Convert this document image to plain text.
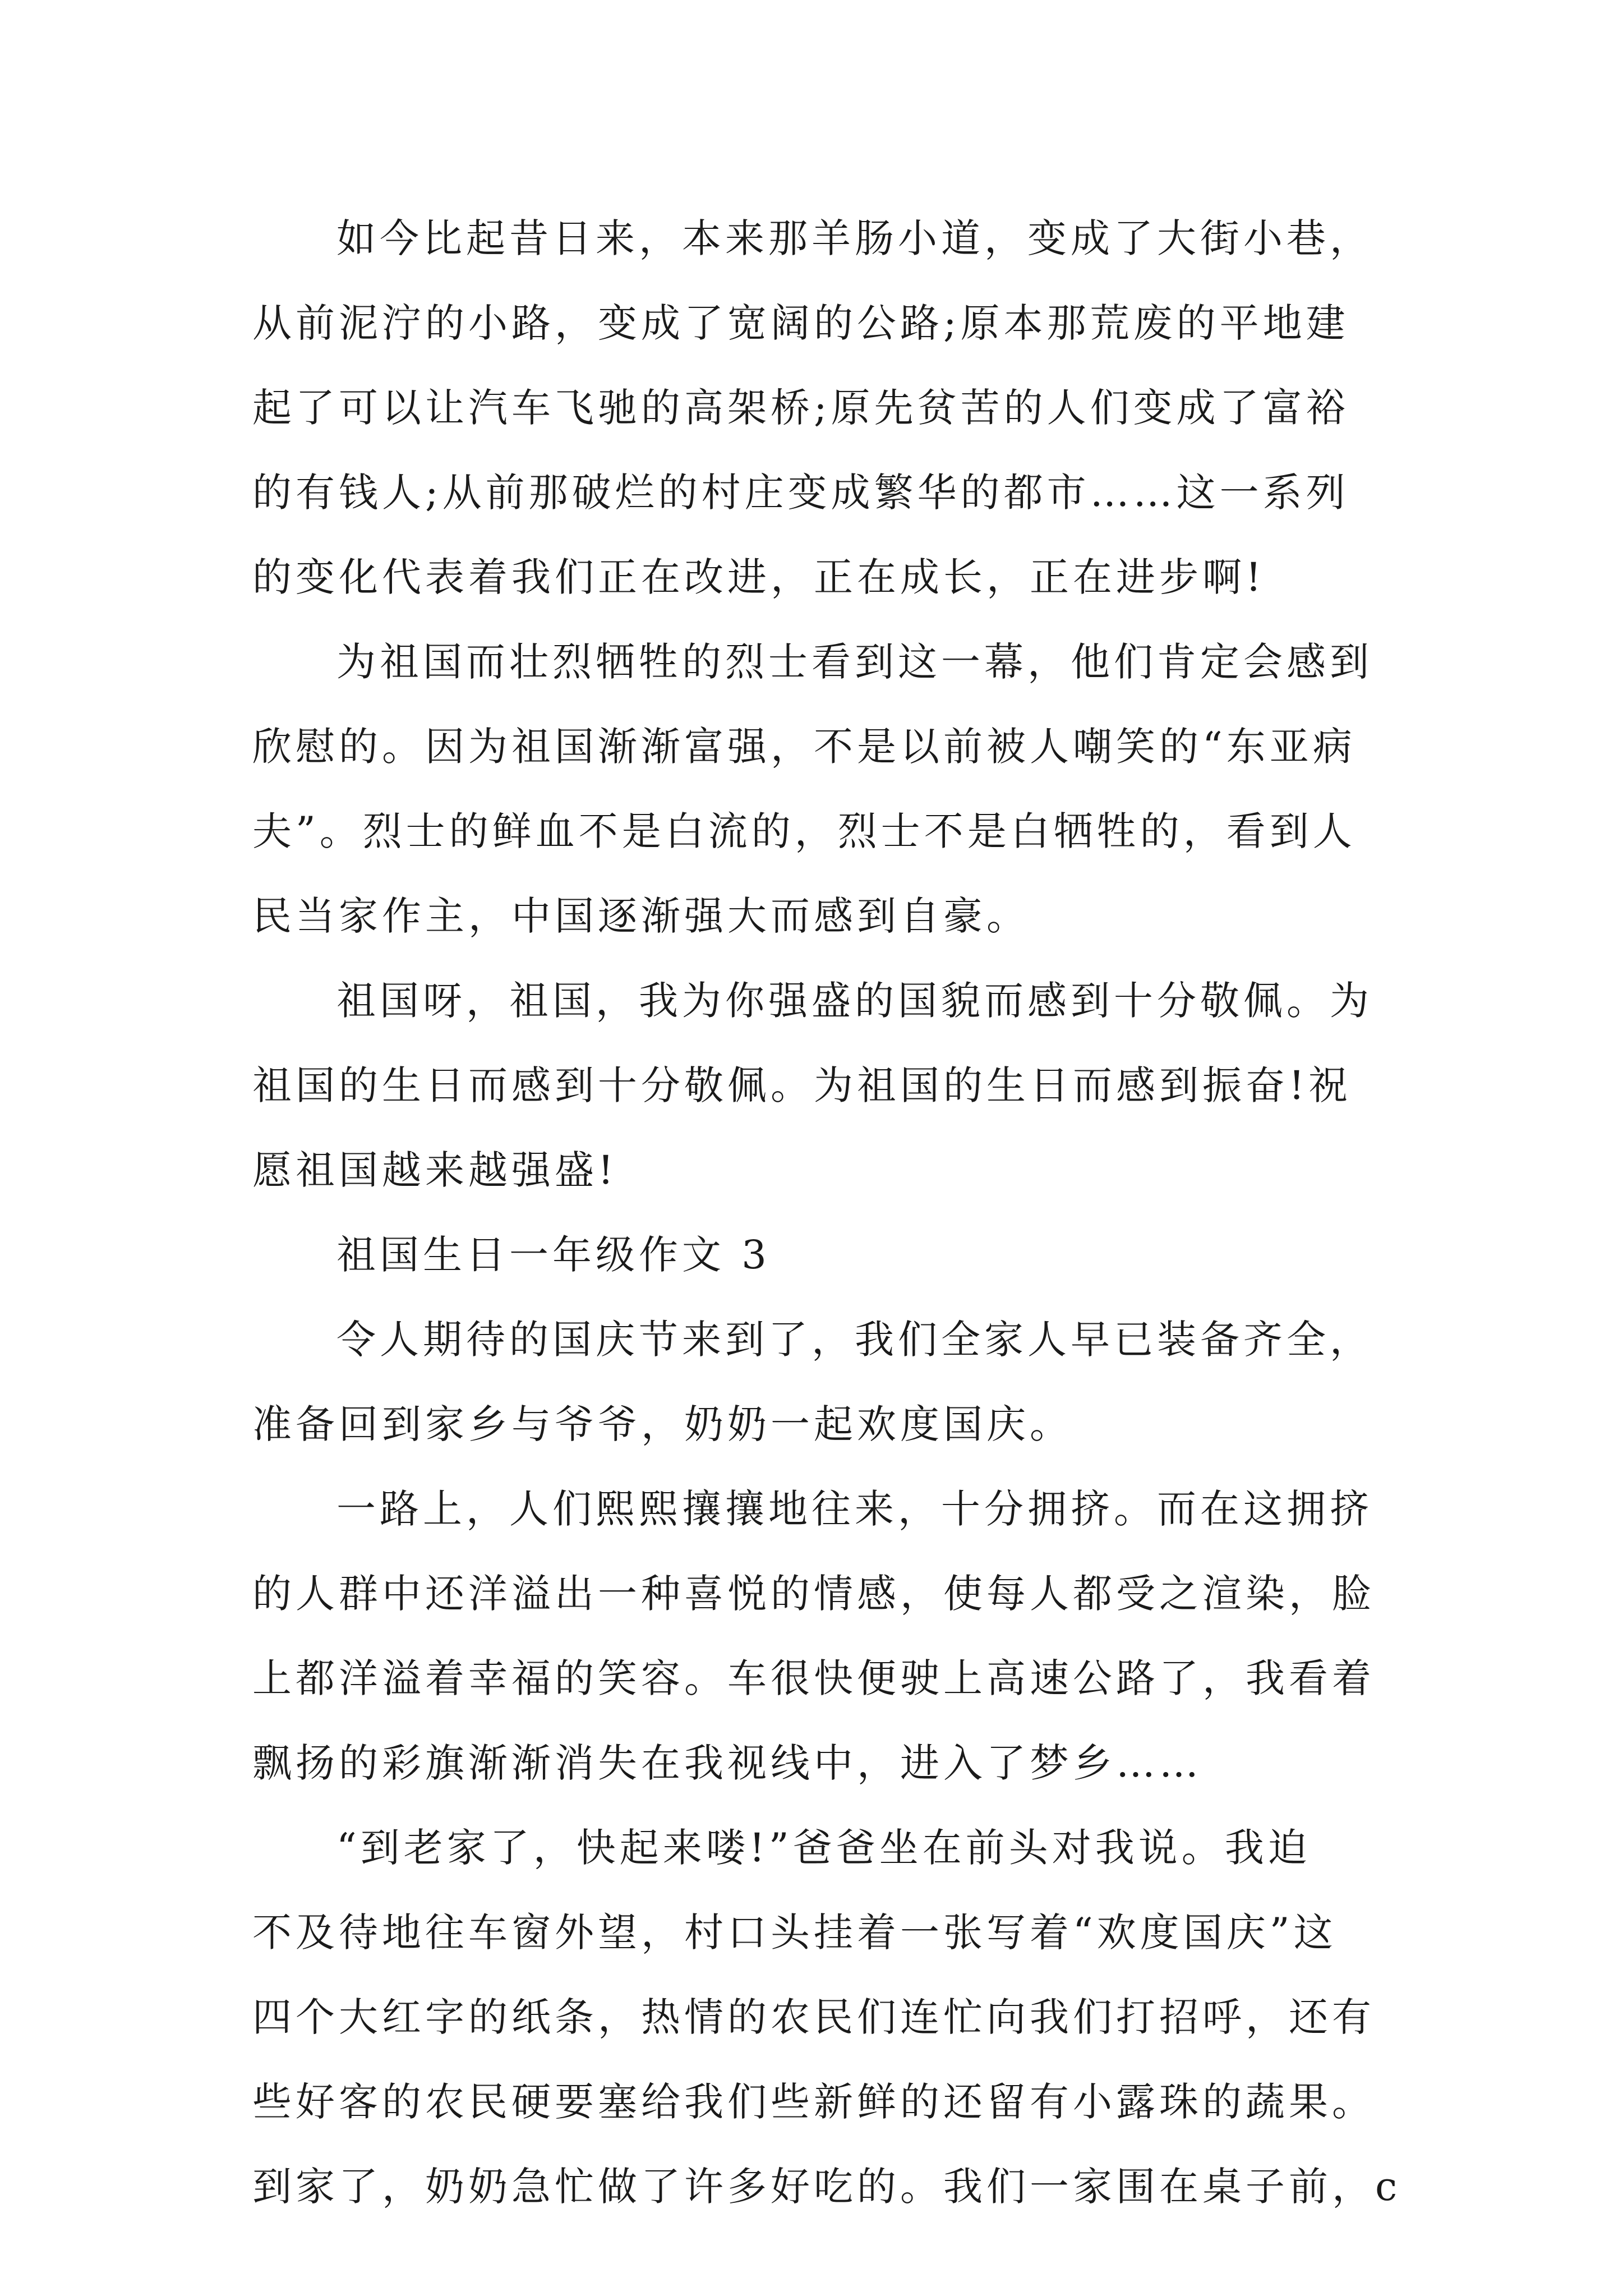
如今比起昔日来，本来那羊肠小道，变成了大街小巷，
从前泥泞的小路，变成了宽阔的公路;原本那荒废的平地建
起了可以让汽车飞驰的高架桥;原先贫苦的人们变成了富裕
的有钱人;从前那破烂的村庄变成繁华的都市……这一系列
的变化代表着我们正在改进，正在成长，正在进步啊!
为祖国而壮烈牺牲的烈士看到这一幕，他们肯定会感到
欣慰的。因为祖国渐渐富强，不是以前被人嘲笑的“东亚病
夫”。烈士的鲜血不是白流的，烈士不是白牺牲的，看到人
民当家作主，中国逐渐强大而感到自豪。
祖国呀，祖国，我为你强盛的国貌而感到十分敬佩。为
祖国的生日而感到十分敬佩。为祖国的生日而感到振奋!祝
愿祖国越来越强盛!
祖国生日一年级作文 3
令人期待的国庆节来到了，我们全家人早已装备齐全，
准备回到家乡与爷爷，奶奶一起欢度国庆。
一路上，人们熙熙攘攘地往来，十分拥挤。而在这拥挤
的人群中还洋溢出一种喜悦的情感，使每人都受之渲染，脸
上都洋溢着幸福的笑容。车很快便驶上高速公路了，我看着
飘扬的彩旗渐渐消失在我视线中，进入了梦乡……
“到老家了，快起来喽!”爸爸坐在前头对我说。我迫
不及待地往车窗外望，村口头挂着一张写着“欢度国庆”这
四个大红字的纸条，热情的农民们连忙向我们打招呼，还有
些好客的农民硬要塞给我们些新鲜的还留有小露珠的蔬果。
到家了，奶奶急忙做了许多好吃的。我们一家围在桌子前，c
